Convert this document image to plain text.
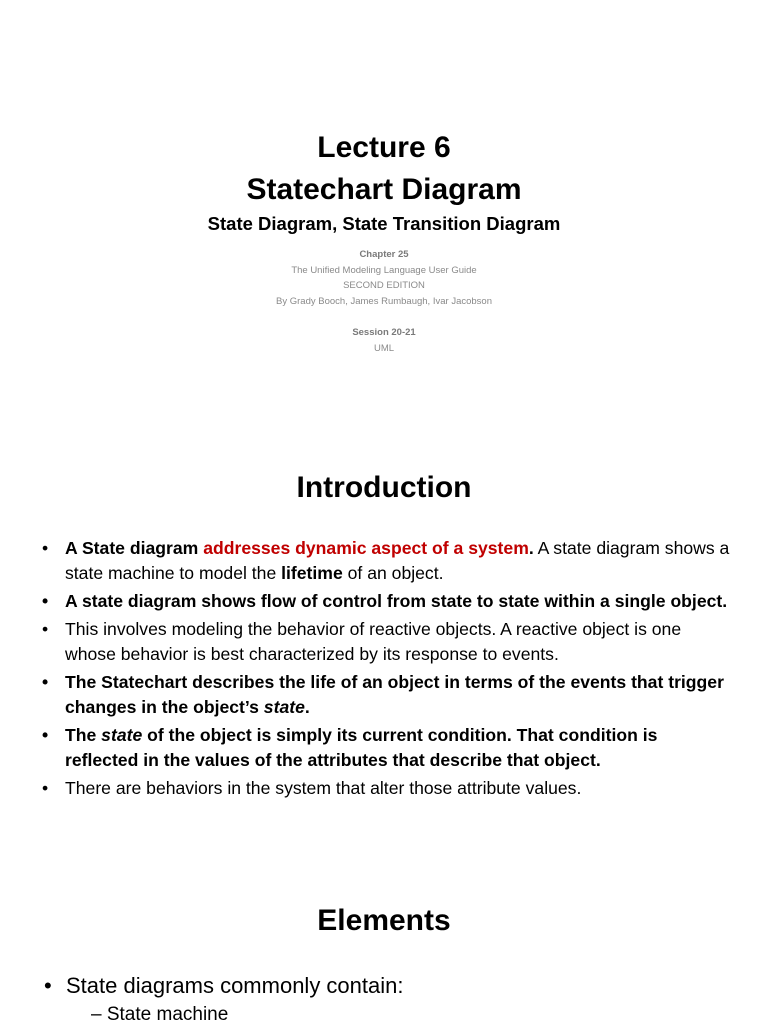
Lecture 6
Statechart Diagram
State Diagram, State Transition Diagram
Chapter 25
The Unified Modeling Language User Guide
SECOND EDITION
By Grady Booch, James Rumbaugh, Ivar Jacobson
Session 20-21
UML
Introduction
• A State diagram addresses dynamic aspect of a system. A state diagram shows a state machine to model the lifetime of an object.
• A state diagram shows flow of control from state to state within a single object.
• This involves modeling the behavior of reactive objects. A reactive object is one whose behavior is best characterized by its response to events.
• The Statechart describes the life of an object in terms of the events that trigger changes in the object’s state.
• The state of the object is simply its current condition. That condition is reflected in the values of the attributes that describe that object.
• There are behaviors in the system that alter those attribute values.
Elements
• State diagrams commonly contain:
– State machine
